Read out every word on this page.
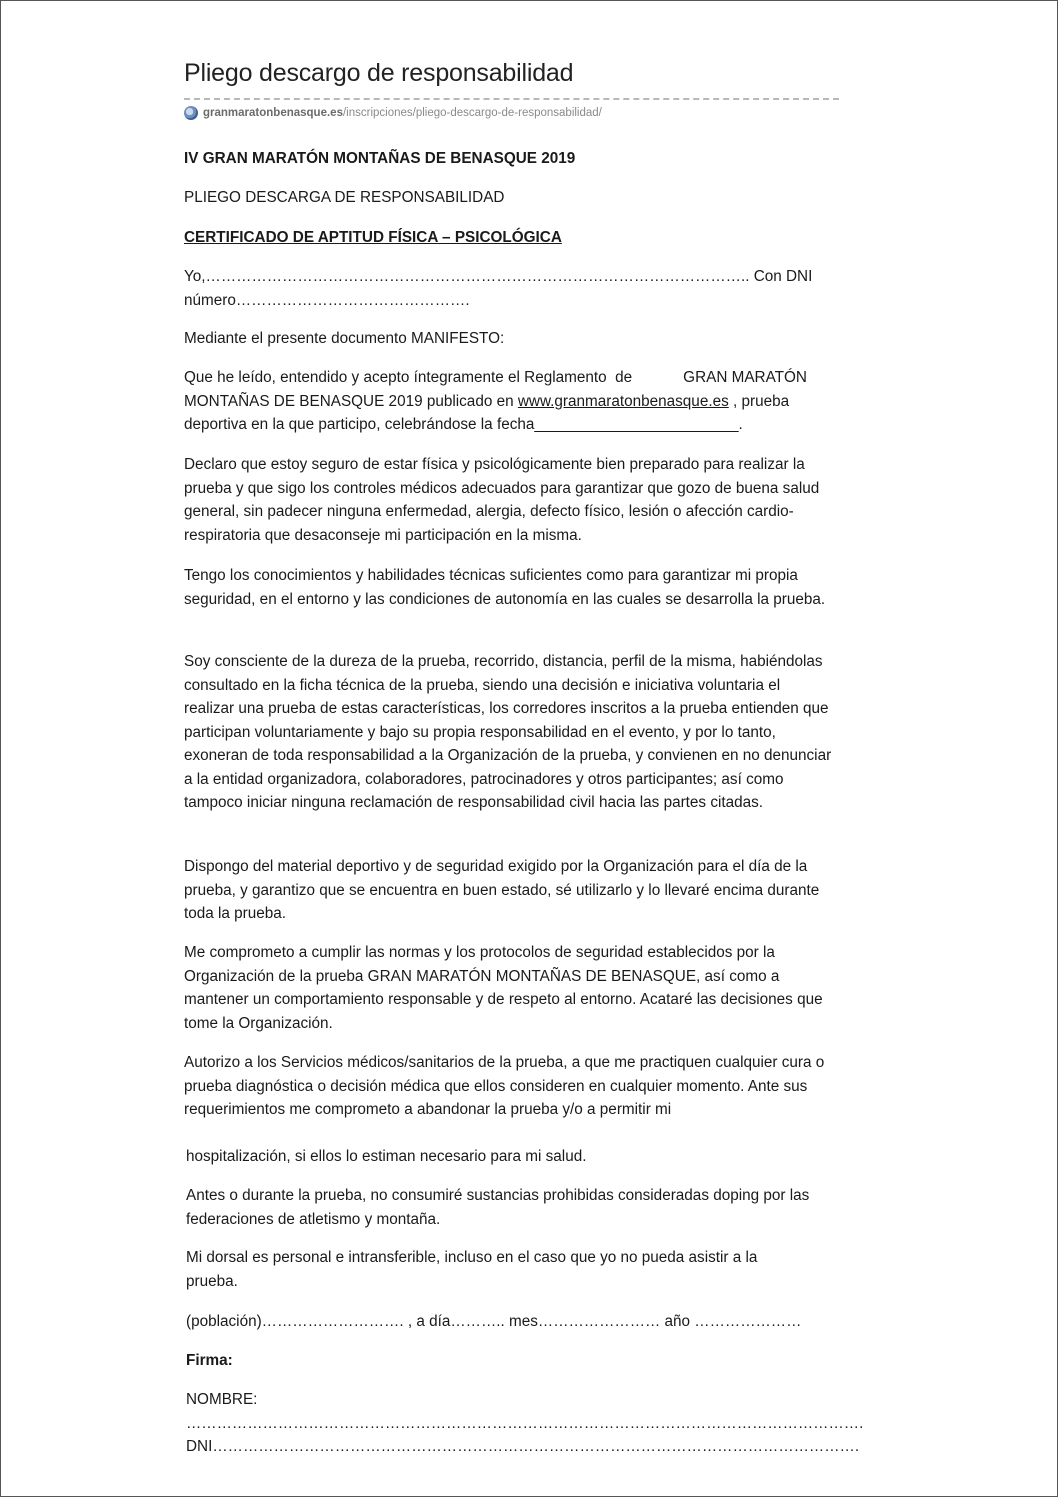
Pliego descargo de responsabilidad
granmaratonbenasque.es /inscripciones/pliego-descargo-de-responsabilidad/

IV GRAN MARATÓN MONTAÑAS DE BENASQUE 2019

PLIEGO DESCARGA DE RESPONSABILIDAD

CERTIFICADO DE APTITUD FÍSICA – PSICOLÓGICA

Yo,…………………………………………………………………………………………….. Con DNI

número……………………………………….

Mediante el presente documento MANIFESTO:

Que he leído, entendido y acepto íntegramente el Reglamento  de            GRAN MARATÓN MONTAÑAS DE BENASQUE 2019 publicado en www.granmaratonbenasque.es , prueba deportiva en la que participo, celebrándose la fecha________________________.

Declaro que estoy seguro de estar física y psicológicamente bien preparado para realizar la prueba y que sigo los controles médicos adecuados para garantizar que gozo de buena salud general, sin padecer ninguna enfermedad, alergia, defecto físico, lesión o afección cardio-respiratoria que desaconseje mi participación en la misma.

Tengo los conocimientos y habilidades técnicas suficientes como para garantizar mi propia seguridad, en el entorno y las condiciones de autonomía en las cuales se desarrolla la prueba.

Soy consciente de la dureza de la prueba, recorrido, distancia, perfil de la misma, habiéndolas consultado en la ficha técnica de la prueba, siendo una decisión e iniciativa voluntaria el realizar una prueba de estas características, los corredores inscritos a la prueba entienden que participan voluntariamente y bajo su propia responsabilidad en el evento, y por lo tanto, exoneran de toda responsabilidad a la Organización de la prueba, y convienen en no denunciar a la entidad organizadora, colaboradores, patrocinadores y otros participantes; así como tampoco iniciar ninguna reclamación de responsabilidad civil hacia las partes citadas.

Dispongo del material deportivo y de seguridad exigido por la Organización para el día de la prueba, y garantizo que se encuentra en buen estado, sé utilizarlo y lo llevaré encima durante toda la prueba.

Me comprometo a cumplir las normas y los protocolos de seguridad establecidos por la Organización de la prueba GRAN MARATÓN MONTAÑAS DE BENASQUE, así como a mantener un comportamiento responsable y de respeto al entorno. Acataré las decisiones que tome la Organización.

Autorizo a los Servicios médicos/sanitarios de la prueba, a que me practiquen cualquier cura o prueba diagnóstica o decisión médica que ellos consideren en cualquier momento. Ante sus requerimientos me comprometo a abandonar la prueba y/o a permitir mi

hospitalización, si ellos lo estiman necesario para mi salud.

Antes o durante la prueba, no consumiré sustancias prohibidas consideradas doping por las federaciones de atletismo y montaña.

Mi dorsal es personal e intransferible, incluso en el caso que yo no pueda asistir a la prueba.

(población)………………………. , a día……….. mes…………………… año …………………

Firma:

NOMBRE:

…………………………………………………………………………………………………………………….

DNI……………………………………………………………………………………………………………….
